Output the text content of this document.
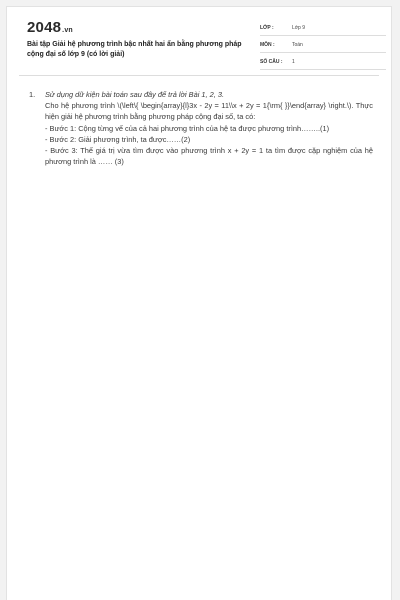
2048.vn
Bài tập Giải hệ phương trình bậc nhất hai ẩn bằng phương pháp cộng đại số lớp 9 (có lời giải)
LỚP :	Lớp 9
MÔN :	Toán
SỐ CÂU :	1
1. Sử dụng dữ kiện bài toán sau đây để trả lời Bài 1, 2, 3.

Cho hệ phương trình \(\left\{ \begin{array}{l}3x - 2y = 11\\x + 2y = 1{\rm{ }}\end{array} \right.\). Thực hiện giải hệ phương trình bằng phương pháp cộng đại số, ta có:

- Bước 1: Cộng từng vế của cả hai phương trình của hệ ta được phương trình……..(1)

- Bước 2: Giải phương trình, ta được……(2)

- Bước 3: Thế giá trị vừa tìm được vào phương trình x + 2y = 1 ta tìm được cặp nghiệm của hệ phương trình là …… (3)
